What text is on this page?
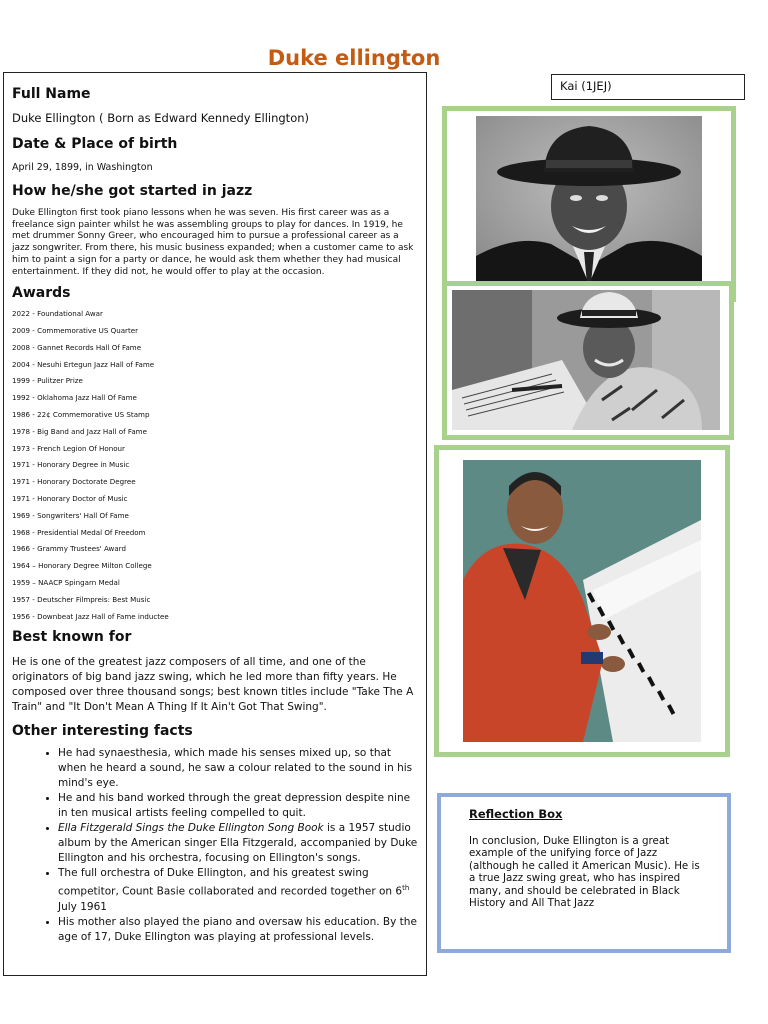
Duke ellington
Full Name

Duke Ellington ( Born as Edward Kennedy Ellington)

Date & Place of birth

April 29, 1899, in Washington

How he/she got started in jazz

Duke Ellington first took piano lessons when he was seven. His first career was as a freelance sign painter whilst he was assembling groups to play for dances. In 1919, he met drummer Sonny Greer, who encouraged him to pursue a professional career as a jazz songwriter. From there, his music business expanded; when a customer came to ask him to paint a sign for a party or dance, he would ask them whether they had musical entertainment. If they did not, he would offer to play at the occasion.

Awards
2022 - Foundational Awar
2009 - Commemorative US Quarter
2008 - Gannet Records Hall Of Fame
2004 - Nesuhi Ertegun Jazz Hall of Fame
1999 - Pulitzer Prize
1992 - Oklahoma Jazz Hall Of Fame
1986 - 22¢ Commemorative US Stamp
1978 - Big Band and Jazz Hall of Fame
1973 - French Legion Of Honour
1971 - Honorary Degree in Music
1971 - Honorary Doctorate Degree
1971 - Honorary Doctor of Music
1969 - Songwriters' Hall Of Fame
1968 - Presidential Medal Of Freedom
1966 - Grammy Trustees' Award
1964 – Honorary Degree Milton College
1959 – NAACP Spingarn Medal
1957 - Deutscher Filmpreis: Best Music
1956 - Downbeat Jazz Hall of Fame inductee
Best known for

He is one of the greatest jazz composers of all time, and one of the originators of big band jazz swing, which he led more than fifty years. He composed over three thousand songs; best known titles include "Take The A Train" and "It Don't Mean A Thing If It Ain't Got That Swing".

Other interesting facts
• He had synaesthesia, which made his senses mixed up, so that when he heard a sound, he saw a colour related to the sound in his mind's eye.
• He and his band worked through the great depression despite nine in ten musical artists feeling compelled to quit.
• Ella Fitzgerald Sings the Duke Ellington Song Book is a 1957 studio album by the American singer Ella Fitzgerald, accompanied by Duke Ellington and his orchestra, focusing on Ellington's songs.
• The full orchestra of Duke Ellington, and his greatest swing competitor, Count Basie collaborated and recorded together on 6th July 1961
• His mother also played the piano and oversaw his education. By the age of 17, Duke Ellington was playing at professional levels.
Kai (1JEJ)

Reflection Box

In conclusion, Duke Ellington is a great example of the unifying force of Jazz (although he called it American Music). He is a true Jazz swing great, who has inspired many, and should be celebrated in Black History and All That Jazz
